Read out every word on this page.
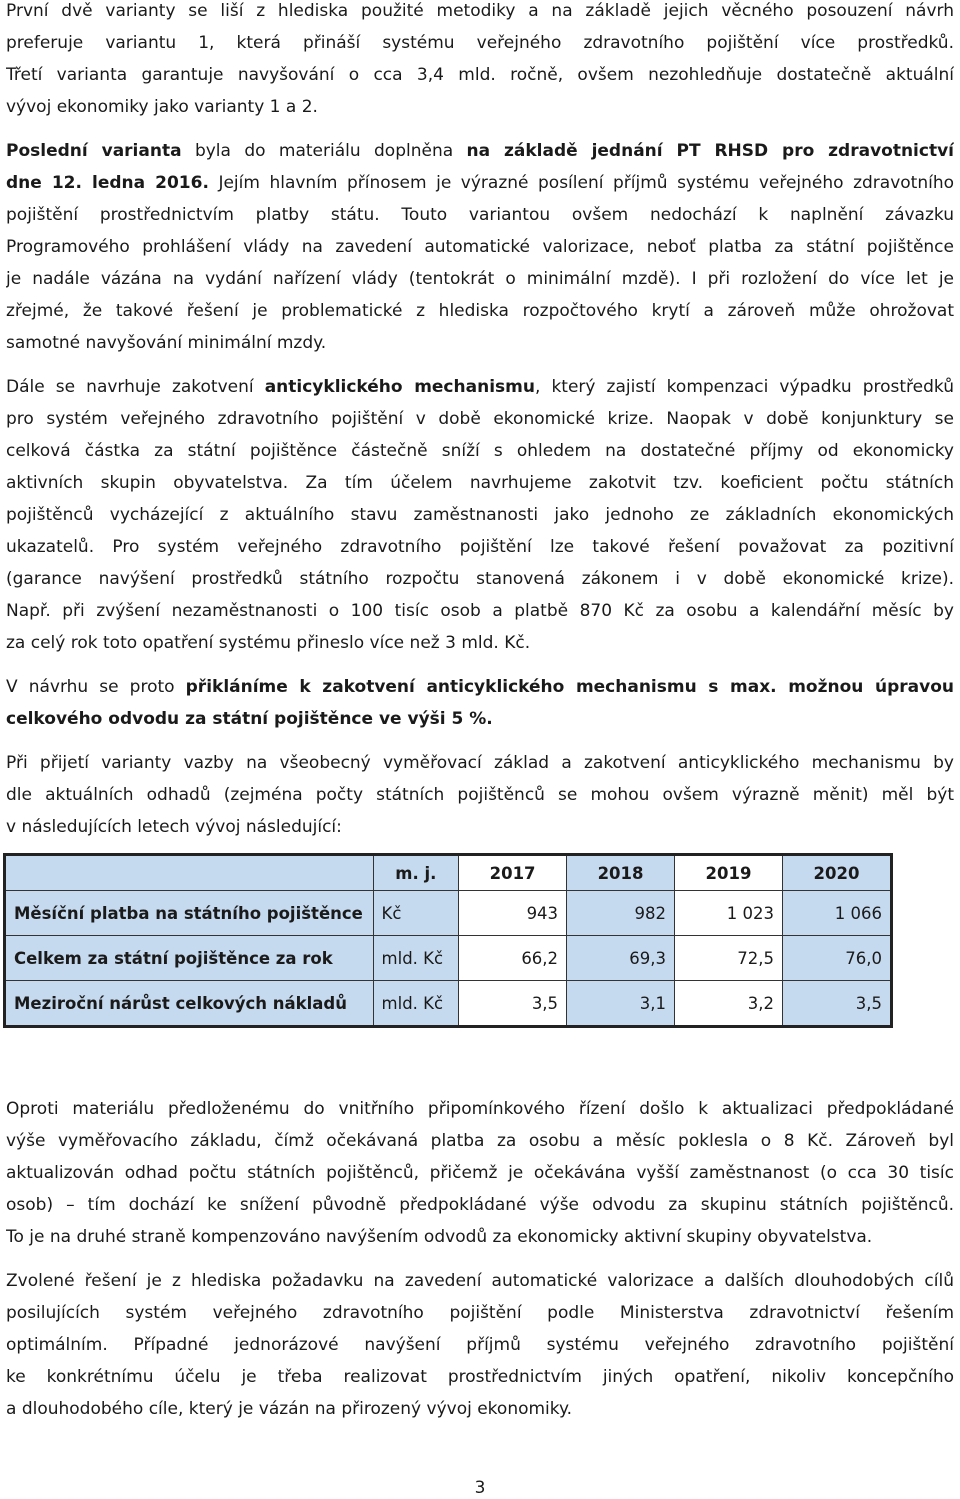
První dvě varianty se liší z hlediska použité metodiky a na základě jejich věcného posouzení návrh
preferuje variantu 1, která přináší systému veřejného zdravotního pojištění více prostředků.
Třetí varianta garantuje navyšování o cca 3,4 mld. ročně, ovšem nezohledňuje dostatečně aktuální
vývoj ekonomiky jako varianty 1 a 2.
Poslední varianta byla do materiálu doplněna na základě jednání PT RHSD pro zdravotnictví
dne 12. ledna 2016. Jejím hlavním přínosem je výrazné posílení příjmů systému veřejného zdravotního
pojištění prostřednictvím platby státu. Touto variantou ovšem nedochází k naplnění závazku
Programového prohlášení vlády na zavedení automatické valorizace, neboť platba za státní pojištěnce
je nadále vázána na vydání nařízení vlády (tentokrát o minimální mzdě). I při rozložení do více let je
zřejmé, že takové řešení je problematické z hlediska rozpočtového krytí a zároveň může ohrožovat
samotné navyšování minimální mzdy.
Dále se navrhuje zakotvení anticyklického mechanismu, který zajistí kompenzaci výpadku prostředků
pro systém veřejného zdravotního pojištění v době ekonomické krize. Naopak v době konjunktury se
celková částka za státní pojištěnce částečně sníží s ohledem na dostatečné příjmy od ekonomicky
aktivních skupin obyvatelstva. Za tím účelem navrhujeme zakotvit tzv. koeficient počtu státních
pojištěnců vycházející z aktuálního stavu zaměstnanosti jako jednoho ze základních ekonomických
ukazatelů. Pro systém veřejného zdravotního pojištění lze takové řešení považovat za pozitivní
(garance navýšení prostředků státního rozpočtu stanovená zákonem i v době ekonomické krize).
Např. při zvýšení nezaměstnanosti o 100 tisíc osob a platbě 870 Kč za osobu a kalendářní měsíc by
za celý rok toto opatření systému přineslo více než 3 mld. Kč.
V návrhu se proto přikláníme k zakotvení anticyklického mechanismu s max. možnou úpravou
celkového odvodu za státní pojištěnce ve výši 5 %.
Při přijetí varianty vazby na všeobecný vyměřovací základ a zakotvení anticyklického mechanismu by
dle aktuálních odhadů (zejména počty státních pojištěnců se mohou ovšem výrazně měnit) měl být
v následujících letech vývoj následující:
	m. j.	2017	2018	2019	2020
Měsíční platba na státního pojištěnce	Kč	943	982	1 023	1 066
Celkem za státní pojištěnce za rok	mld. Kč	66,2	69,3	72,5	76,0
Meziroční nárůst celkových nákladů	mld. Kč	3,5	3,1	3,2	3,5
Oproti materiálu předloženému do vnitřního připomínkového řízení došlo k aktualizaci předpokládané
výše vyměřovacího základu, čímž očekávaná platba za osobu a měsíc poklesla o 8 Kč. Zároveň byl
aktualizován odhad počtu státních pojištěnců, přičemž je očekávána vyšší zaměstnanost (o cca 30 tisíc
osob) – tím dochází ke snížení původně předpokládané výše odvodu za skupinu státních pojištěnců.
To je na druhé straně kompenzováno navýšením odvodů za ekonomicky aktivní skupiny obyvatelstva.
Zvolené řešení je z hlediska požadavku na zavedení automatické valorizace a dalších dlouhodobých cílů
posilujících systém veřejného zdravotního pojištění podle Ministerstva zdravotnictví řešením
optimálním. Případné jednorázové navýšení příjmů systému veřejného zdravotního pojištění
ke konkrétnímu účelu je třeba realizovat prostřednictvím jiných opatření, nikoliv koncepčního
a dlouhodobého cíle, který je vázán na přirozený vývoj ekonomiky.
3
